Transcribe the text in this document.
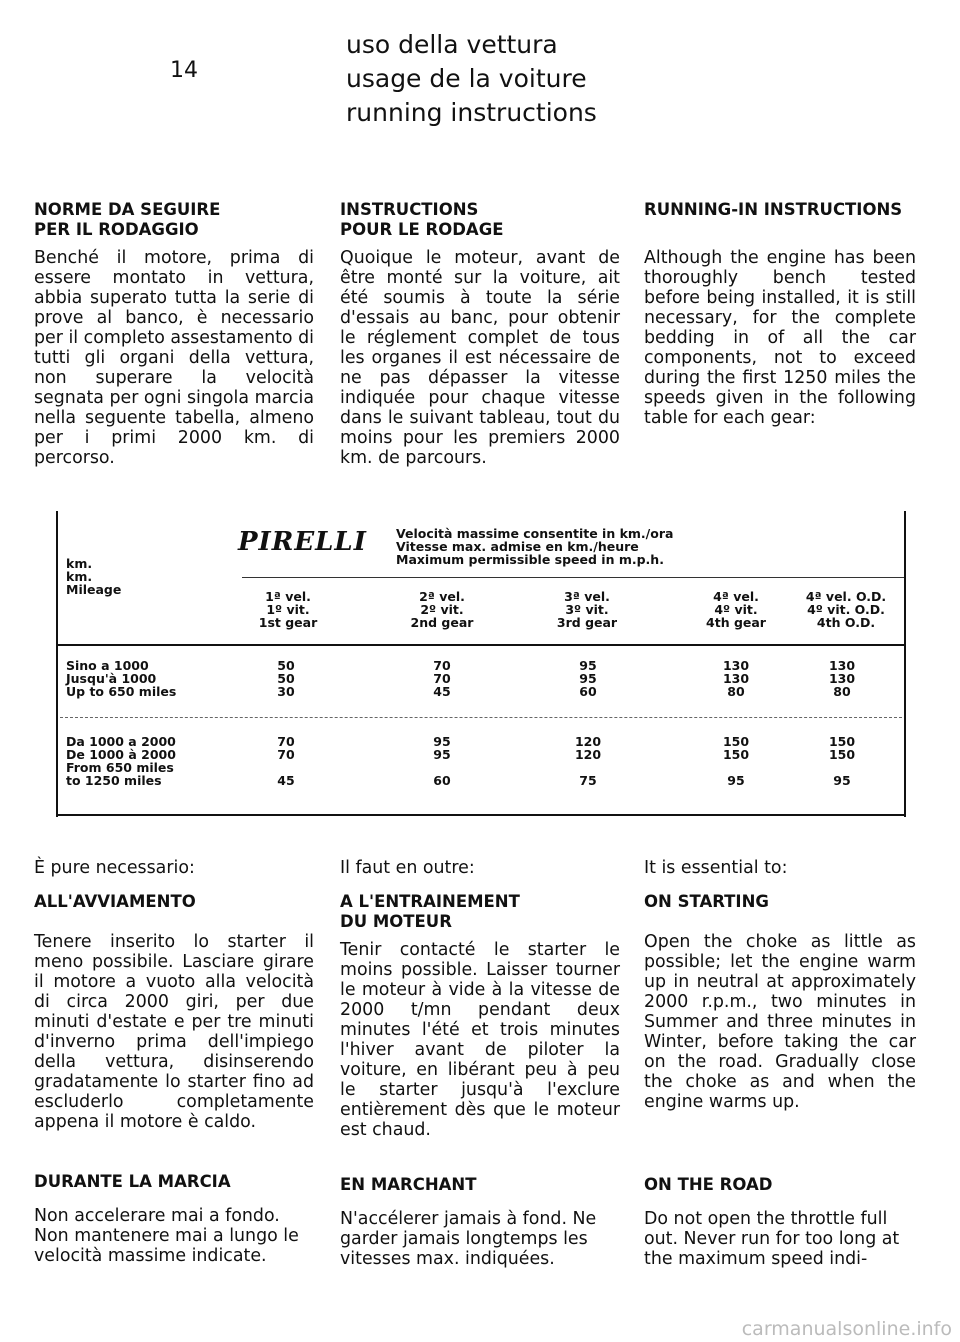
14
uso della vettura
usage de la voiture
running instructions
NORME DA SEGUIRE
PER IL RODAGGIO
Benché il motore, prima di essere montato in vettura, abbia superato tutta la serie di prove al banco, è necessario per il completo assestamento di tutti gli organi della vettura, non superare la velocità segnata per ogni singola marcia nella seguente tabella, almeno per i primi 2000 km. di percorso.
INSTRUCTIONS
POUR LE RODAGE
Quoique le moteur, avant de être monté sur la voiture, ait été soumis à toute la série d'essais au banc, pour obtenir le réglement complet de tous les organes il est nécessaire de ne pas dépasser la vitesse indiquée pour chaque vitesse dans le suivant tableau, tout du moins pour les premiers 2000 km. de parcours.
RUNNING-IN INSTRUCTIONS
Although the engine has been thoroughly bench tested before being installed, it is still necessary, for the complete bedding in of all the car components, not to exceed during the first 1250 miles the speeds given in the following table for each gear:
PIRELLI Velocità massime consentite in km./ora
Vitesse max. admise en km./heure
Maximum permissible speed in m.p.h.
km.
km.
Mileage	1ª vel.
1º vit.
1st gear
2ª vel.
2º vit.
2nd gear
3ª vel.
3º vit.
3rd gear
4ª vel.
4º vit.
4th gear
4ª vel. O.D.
4º vit. O.D.
4th O.D.
Sino a 1000
Jusqu'à 1000
Up to 650 miles
50
50
30
70
70
45
95
95
60
130
130
80
130
130
80
Da 1000 a 2000
De 1000 à 2000
From 650 miles
to 1250 miles
70
70
45
95
95
60
120
120
75
150
150
95
150
150
95
È pure necessario:
ALL'AVVIAMENTO
Tenere inserito lo starter il meno possibile. Lasciare girare il motore a vuoto alla velocità di circa 2000 giri, per due minuti d'estate e per tre minuti d'inverno prima dell'impiego della vettura, disinserendo gradatamente lo starter fino ad escluderlo completamente appena il motore è caldo.
Il faut en outre:
A L'ENTRAINEMENT
DU MOTEUR
Tenir contacté le starter le moins possible. Laisser tourner le moteur à vide à la vitesse de 2000 t/mn pendant deux minutes l'été et trois minutes l'hiver avant de piloter la voiture, en libérant peu à peu le starter jusqu'à l'exclure entièrement dès que le moteur est chaud.
It is essential to:
ON STARTING
Open the choke as little as possible; let the engine warm up in neutral at approximately 2000 r.p.m., two minutes in Summer and three minutes in Winter, before taking the car on the road. Gradually close the choke as and when the engine warms up.
DURANTE LA MARCIA
Non accelerare mai a fondo. Non mantenere mai a lungo le velocità massime indicate.
EN MARCHANT
N'accélerer jamais à fond. Ne garder jamais longtemps les vitesses max. indiquées.
ON THE ROAD
Do not open the throttle full out. Never run for too long at the maximum speed indi-
carmanualsonline.info
